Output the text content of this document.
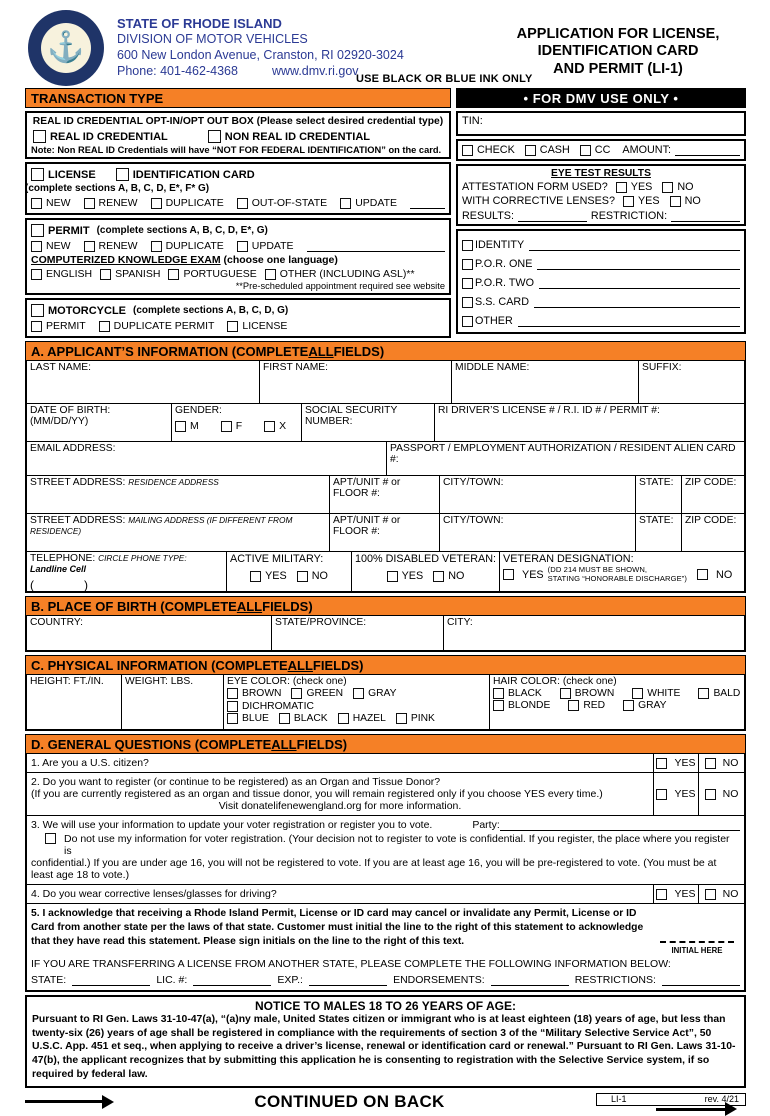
⚓
STATE OF RHODE ISLAND
DIVISION OF MOTOR VEHICLES
600 New London Avenue, Cranston, RI 02920-3024
Phone: 401-462-4368	www.dmv.ri.gov
USE BLACK OR BLUE INK ONLY
APPLICATION FOR LICENSE,
IDENTIFICATION CARD
AND PERMIT (LI-1)
TRANSACTION TYPE
REAL ID CREDENTIAL OPT-IN/OPT OUT BOX (Please select desired credential type)
REAL ID CREDENTIAL	NON REAL ID CREDENTIAL
Note: Non REAL ID Credentials will have “NOT FOR FEDERAL IDENTIFICATION” on the card.
LICENSE	IDENTIFICATION CARD
(complete sections A, B, C, D, E*, F* G)
NEW	RENEW	DUPLICATE	OUT-OF-STATE	UPDATE
PERMIT (complete sections A, B, C, D, E*, G)
NEW	RENEW	DUPLICATE	UPDATE
COMPUTERIZED KNOWLEDGE EXAM (choose one language)
ENGLISH SPANISH PORTUGUESE OTHER (INCLUDING ASL)**
**Pre-scheduled appointment required see website
MOTORCYCLE (complete sections A, B, C, D, G)
PERMIT	DUPLICATE PERMIT	LICENSE
• FOR DMV USE ONLY •
TIN:
CHECK CASH CC AMOUNT:
EYE TEST RESULTS
ATTESTATION FORM USED? YES NO
WITH CORRECTIVE LENSES? YES NO
RESULTS:	RESTRICTION:
IDENTITY
P.O.R. ONE
P.O.R. TWO
S.S. CARD
OTHER
A. APPLICANT’S INFORMATION (COMPLETE ALL FIELDS)
LAST NAME:	FIRST NAME:	MIDDLE NAME:	SUFFIX:
DATE OF BIRTH: (MM/DD/YY)
GENDER:
M	F	X
SOCIAL SECURITY NUMBER:
RI DRIVER’S LICENSE # / R.I. ID # / PERMIT #:
EMAIL ADDRESS:	PASSPORT / EMPLOYMENT AUTHORIZATION / RESIDENT ALIEN CARD #:
STREET ADDRESS: RESIDENCE ADDRESS	APT/UNIT # or FLOOR #:
CITY/TOWN:	STATE:	ZIP CODE:
STREET ADDRESS: MAILING ADDRESS (IF DIFFERENT FROM RESIDENCE)
APT/UNIT # or FLOOR #:
CITY/TOWN:	STATE:	ZIP CODE:
TELEPHONE: CIRCLE PHONE TYPE: Landline Cell
(               )
ACTIVE MILITARY:
YES NO
100% DISABLED VETERAN:
YES NO
VETERAN DESIGNATION:
YES (DD 214 MUST BE SHOWN,
STATING “HONORABLE DISCHARGE”)	NO
B. PLACE OF BIRTH (COMPLETE ALL FIELDS)
COUNTRY:	STATE/PROVINCE:	CITY:
C. PHYSICAL INFORMATION (COMPLETE ALL FIELDS)
HEIGHT: FT./IN.	WEIGHT: LBS.	EYE COLOR: (check one)
BROWN GREEN GRAY
DICHROMATIC
BLUE BLACK HAZEL PINK
HAIR COLOR: (check one)
BLACK	BROWN	WHITE	BALD
BLONDE	RED	GRAY
D. GENERAL QUESTIONS (COMPLETE ALL FIELDS)
1. Are you a U.S. citizen?	YES	NO
2. Do you want to register (or continue to be registered) as an Organ and Tissue Donor?
(If you are currently registered as an organ and tissue donor, you will remain registered only if you choose YES every time.)
Visit donatelifenewengland.org for more information.
YES	NO
3. We will use your information to update your voter registration or register you to vote.	Party:
Do not use my information for voter registration. (Your decision not to register to vote is confidential. If you register, the place where you register is
confidential.) If you are under age 16, you will not be registered to vote. If you are at least age 16, you will be pre-registered to vote. (You must be at least age 18 to vote.)
4. Do you wear corrective lenses/glasses for driving?	YES	NO
5. I acknowledge that receiving a Rhode Island Permit, License or ID card may cancel or invalidate any Permit, License or ID Card from another state per the laws of that state. Customer must initial the line to the right of this statement to acknowledge that they have read this statement. Please sign initials on the line to the right of this text.
INITIAL HERE
IF YOU ARE TRANSFERRING A LICENSE FROM ANOTHER STATE, PLEASE COMPLETE THE FOLLOWING INFORMATION BELOW:
STATE:	LIC. #:	EXP.:	ENDORSEMENTS:	RESTRICTIONS:
NOTICE TO MALES 18 TO 26 YEARS OF AGE:
Pursuant to RI Gen. Laws 31-10-47(a), “(a)ny male, United States citizen or immigrant who is at least eighteen (18) years of age, but less than twenty-six (26) years of age shall be registered in compliance with the requirements of section 3 of the “Military Selective Service Act”, 50 U.S.C. App. 451 et seq., when applying to receive a driver’s license, renewal or identification card or renewal.” Pursuant to RI Gen. Laws 31-10-47(b), the applicant recognizes that by submitting this application he is consenting to registration with the Selective Service system, if so required by federal law.
CONTINUED ON BACK	LI-1	rev. 4/21
